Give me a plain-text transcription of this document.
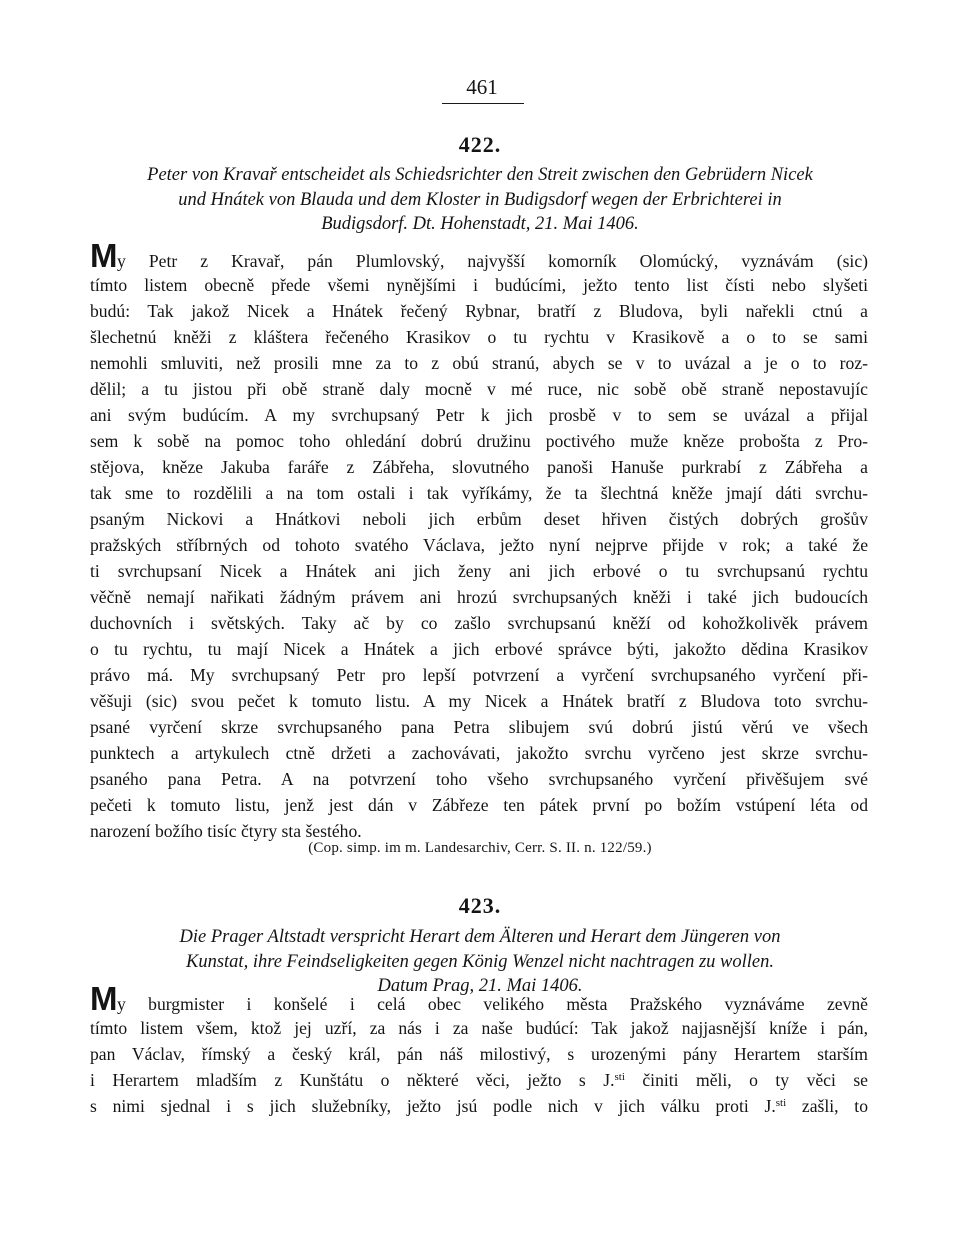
461
422.
Peter von Kravař entscheidet als Schiedsrichter den Streit zwischen den Gebrüdern Nicek
und Hnátek von Blauda und dem Kloster in Budigsdorf wegen der Erbrichterei in
Budigsdorf. Dt. Hohenstadt, 21. Mai 1406.
My Petr z Kravař, pán Plumlovský, najvyšší komorník Olomúcký, vyznávám (sic)
tímto listem obecně přede všemi nynějšími i budúcími, ježto tento list čísti nebo slyšeti
budú: Tak jakož Nicek a Hnátek řečený Rybnar, bratří z Bludova, byli nařekli ctnú a
šlechetnú kněži z kláštera řečeného Krasikov o tu rychtu v Krasikově a o to se sami
nemohli smluviti, než prosili mne za to z obú stranú, abych se v to uvázal a je o to roz-
dělil; a tu jistou při obě straně daly mocně v mé ruce, nic sobě obě straně nepostavujíc
ani svým budúcím. A my svrchupsaný Petr k jich prosbě v to sem se uvázal a přijal
sem k sobě na pomoc toho ohledání dobrú družinu poctivého muže kněze probošta z Pro-
stějova, kněze Jakuba faráře z Zábřeha, slovutného panoši Hanuše purkrabí z Zábřeha a
tak sme to rozdělili a na tom ostali i tak vyříkámy, že ta šlechtná kněže jmají dáti svrchu-
psaným Nickovi a Hnátkovi neboli jich erbům deset hřiven čistých dobrých grošův
pražských stříbrných od tohoto svatého Václava, ježto nyní nejprve přijde v rok; a také že
ti svrchupsaní Nicek a Hnátek ani jich ženy ani jich erbové o tu svrchupsanú rychtu
věčně nemají nařikati žádným právem ani hrozú svrchupsaných kněži i také jich budoucích
duchovních i světských. Taky ač by co zašlo svrchupsanú kněží od kohožkolivěk právem
o tu rychtu, tu mají Nicek a Hnátek a jich erbové správce býti, jakožto dědina Krasikov
právo má. My svrchupsaný Petr pro lepší potvrzení a vyrčení svrchupsaného vyrčení při-
věšuji (sic) svou pečet k tomuto listu. A my Nicek a Hnátek bratří z Bludova toto svrchu-
psané vyrčení skrze svrchupsaného pana Petra slibujem svú dobrú jistú věrú ve všech
punktech a artykulech ctně držeti a zachovávati, jakožto svrchu vyrčeno jest skrze svrchu-
psaného pana Petra. A na potvrzení toho všeho svrchupsaného vyrčení přivěšujem své
pečeti k tomuto listu, jenž jest dán v Zábřeze ten pátek první po božím vstúpení léta od
narození božího tisíc čtyry sta šestého.
(Cop. simp. im m. Landesarchiv, Cerr. S. II. n. 122/59.)
423.
Die Prager Altstadt verspricht Herart dem Älteren und Herart dem Jüngeren von
Kunstat, ihre Feindseligkeiten gegen König Wenzel nicht nachtragen zu wollen.
Datum Prag, 21. Mai 1406.
My burgmister i konšelé i celá obec velikého města Pražského vyznáváme zevně
tímto listem všem, ktož jej uzří, za nás i za naše budúcí: Tak jakož najjasnější kníže i pán,
pan Václav, římský a český král, pán náš milostivý, s urozenými pány Herartem starším
i Herartem mladším z Kunštátu o některé věci, ježto s J.$^{sti}$ činiti měli, o ty věci se
s nimi sjednal i s jich služebníky, ježto jsú podle nich v jich válku proti J.$^{sti}$ zašli, to
